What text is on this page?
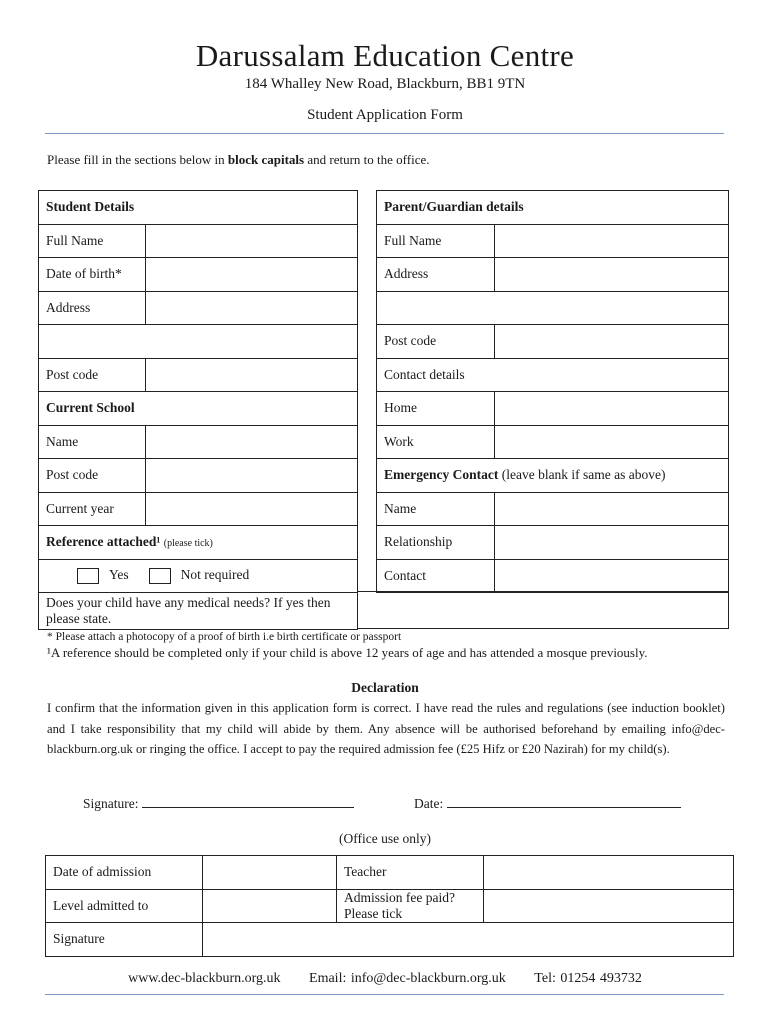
Darussalam Education Centre
184 Whalley New Road, Blackburn, BB1 9TN
Student Application Form
Please fill in the sections below in block capitals and return to the office.
Student Details	
Full Name	
Date of birth*	
Address	

Post code	
Current School	
Name	
Post code	
Current year	
Reference attached¹ (please tick)	
Yes Not required	
Does your child have any medical needs? If yes then please state.	
Parent/Guardian details	
Full Name	
Address	

Post code	
Contact details	
Home	
Work	
Emergency Contact (leave blank if same as above)	
Name	
Relationship	
Contact	
* Please attach a photocopy of a proof of birth i.e birth certificate or passport
¹A reference should be completed only if your child is above 12 years of age and has attended a mosque previously.
Declaration
I confirm that the information given in this application form is correct. I have read the rules and regulations (see induction booklet) and I take responsibility that my child will abide by them. Any absence will be authorised beforehand by emailing info@dec-blackburn.org.uk or ringing the office. I accept to pay the required admission fee (£25 Hifz or £20 Nazirah) for my child(s).
Signature:	Date:
(Office use only)
Date of admission		Teacher	
Level admitted to		Admission fee paid? Please tick	
Signature			
www.dec-blackburn.org.uk Email: info@dec-blackburn.org.uk Tel: 01254 493732
